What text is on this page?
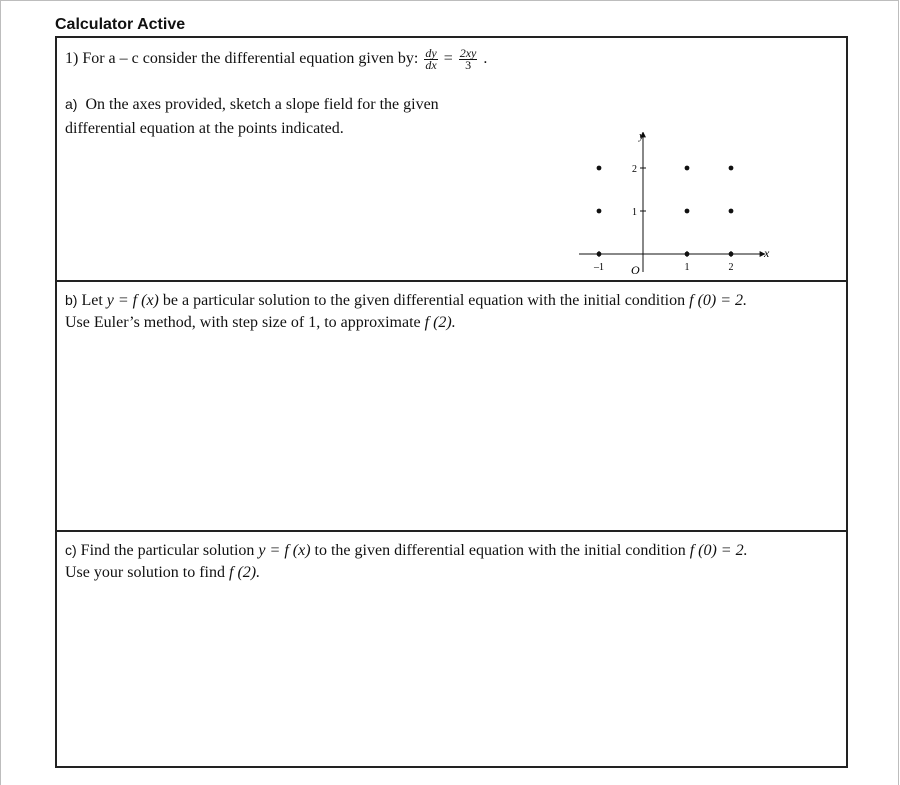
Calculator Active
1) For a – c consider the differential equation given by: $\frac{dy}{dx} = \frac{2xy}{3}$ .
a) On the axes provided, sketch a slope field for the given
differential equation at the points indicated.
–1	1	2
1
2
x
y
O
b) Let y = f (x) be a particular solution to the given differential equation with the initial condition f (0) = 2.
Use Euler’s method, with step size of 1, to approximate f (2).
c) Find the particular solution y = f (x) to the given differential equation with the initial condition f (0) = 2.
Use your solution to find f (2).
